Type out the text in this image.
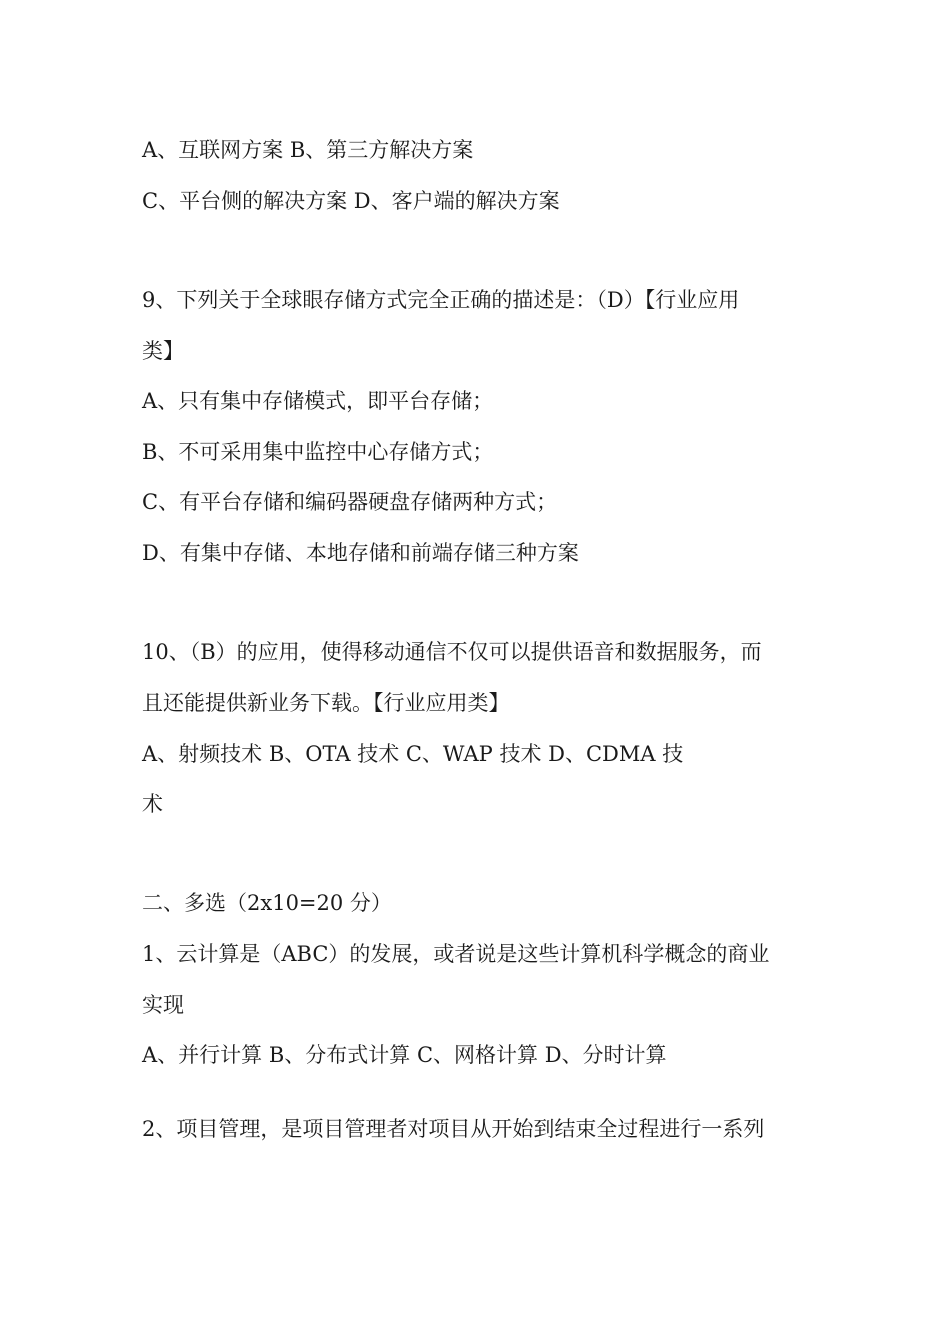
A、互联网方案 B、第三方解决方案
C、平台侧的解决方案 D、客户端的解决方案
9、下列关于全球眼存储方式完全正确的描述是：（D）【行业应用
类】
A、只有集中存储模式，即平台存储；
B、不可采用集中监控中心存储方式；
C、有平台存储和编码器硬盘存储两种方式；
D、有集中存储、本地存储和前端存储三种方案
10、（B）的应用，使得移动通信不仅可以提供语音和数据服务，而
且还能提供新业务下载。【行业应用类】
A、射频技术 B、OTA 技术 C、WAP 技术 D、CDMA 技
术
二、多选（2x10=20 分）
1、云计算是（ABC）的发展，或者说是这些计算机科学概念的商业
实现
A、并行计算 B、分布式计算 C、网格计算 D、分时计算
2、项目管理，是项目管理者对项目从开始到结束全过程进行一系列
